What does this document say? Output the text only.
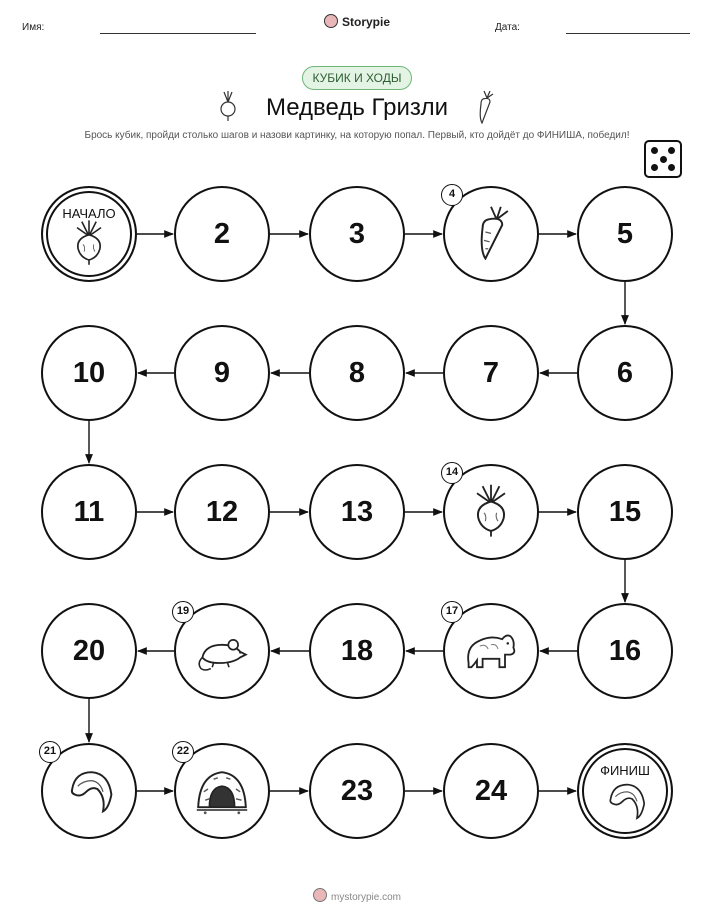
Имя:	Storypie	Дата:
КУБИК И ХОДЫ
Медведь Гризли
Брось кубик, пройди столько шагов и назови картинку, на которую попал. Первый, кто дойдёт до ФИНИША, победил!
НАЧАЛО
2	3
4
5
6
7
8
9
10
11	12	13
14
15
16
17
18
19
20
21	22
23	24
ФИНИШ
mystorypie.com
